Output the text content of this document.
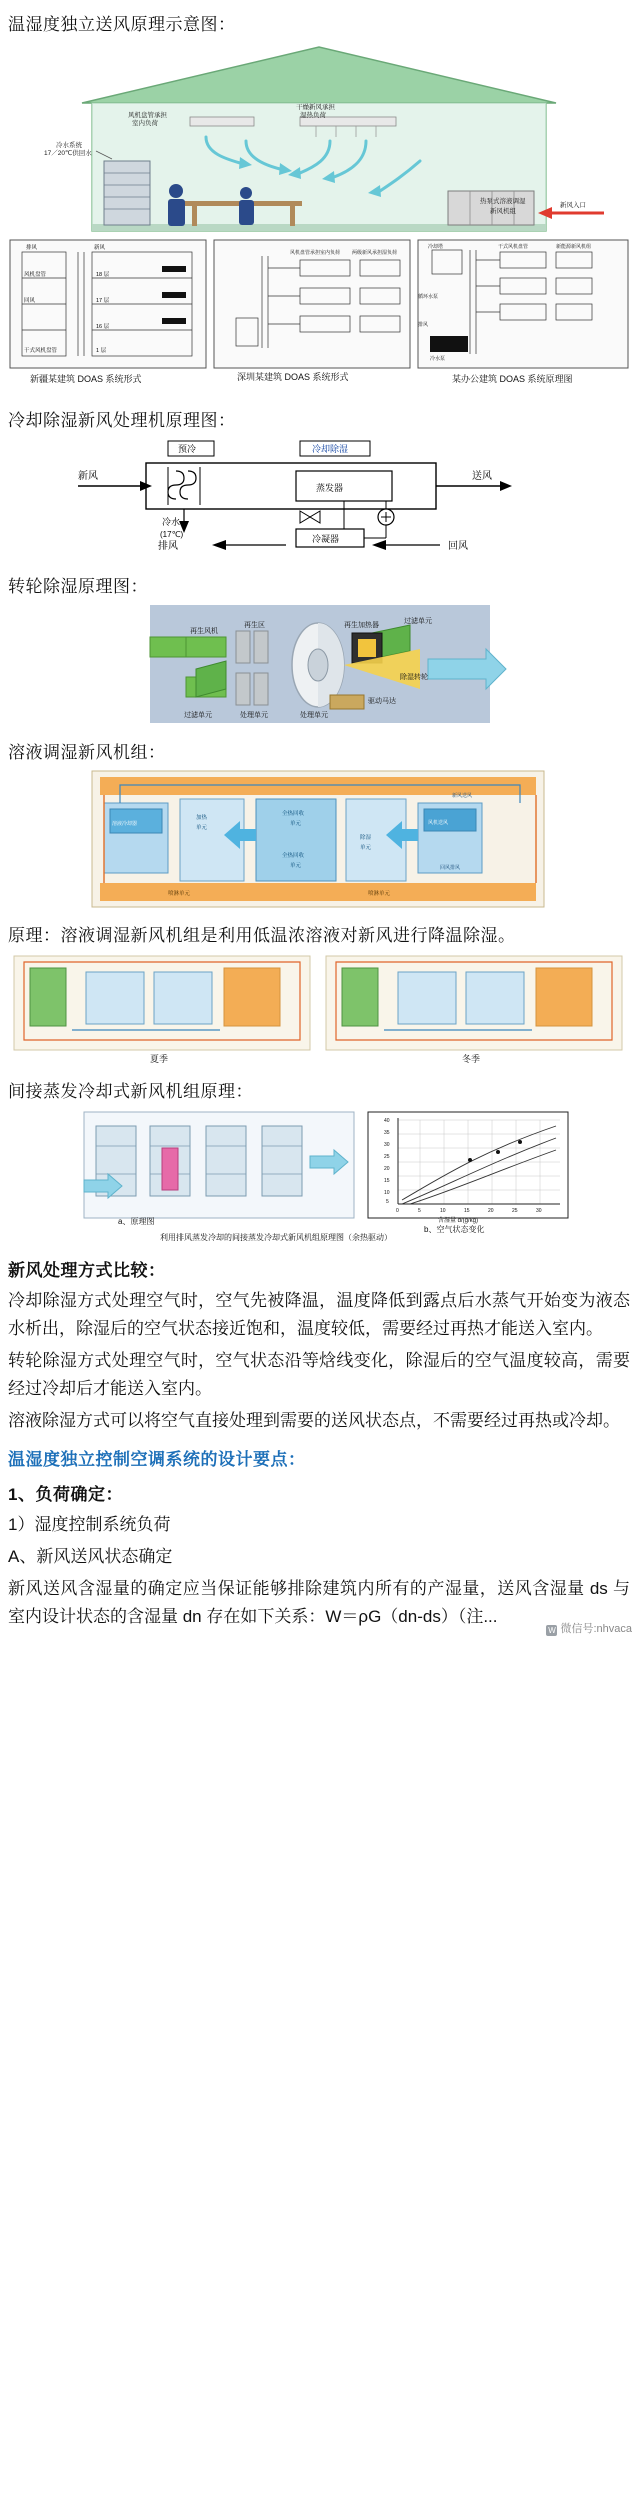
温湿度独立送风原理示意图：
风机盘管承担
室内负荷
干燥新风承担
湿热负荷
冷水系统
17／20℃供回水
热泵式溶液调湿
新风机组
新风入口
排风	新风
风机盘管
回风
18 层
17 层
16 层
干式风机盘管	1 层
新疆某建筑 DOAS 系统形式
风机盘管承担室内负荷 两级新风承担湿负荷
深圳某建筑 DOAS 系统形式
冷却塔	干式风机盘管	新能源新风机组
循环水泵
排风
冷水泵
某办公建筑 DOAS 系统原理图
冷却除湿新风处理机原理图：
预冷	冷却除湿
蒸发器
新风	送风
冷凝器
冷水
(17℃)
排风	回风
转轮除湿原理图：
再生风机
再生区	再生加热器
过滤单元
除湿转轮
驱动马达
处理单元
过滤单元	处理单元
溶液调湿新风机组：
溶液冷却器
加热
单元
全热回收
单元
全热回收
单元
除湿
单元
风机送风
喷淋单元	喷淋单元
新风送风
回风排风
原理：溶液调湿新风机组是利用低温浓溶液对新风进行降温除湿。
夏季	冬季
间接蒸发冷却式新风机组原理：
a、原理图
40
35
30
25
20
15
10
5
0	5	10	15	20	25	30
含湿量 d/(g/kg)
b、空气状态变化
利用排风蒸发冷却的间接蒸发冷却式新风机组原理图（余热驱动）
新风处理方式比较：
冷却除湿方式处理空气时，空气先被降温，温度降低到露点后水蒸气开始变为液态水析出，除湿后的空气状态接近饱和，温度较低，需要经过再热才能送入室内。
转轮除湿方式处理空气时，空气状态沿等焓线变化，除湿后的空气温度较高，需要经过冷却后才能送入室内。
溶液除湿方式可以将空气直接处理到需要的送风状态点，不需要经过再热或冷却。
温湿度独立控制空调系统的设计要点：
1、负荷确定：
1）湿度控制系统负荷
A、新风送风状态确定
新风送风含湿量的确定应当保证能够排除建筑内所有的产湿量，送风含湿量 ds 与室内设计状态的含湿量 dn 存在如下关系：W＝ρG（dn-ds）（注...
W 微信号:nhvaca
